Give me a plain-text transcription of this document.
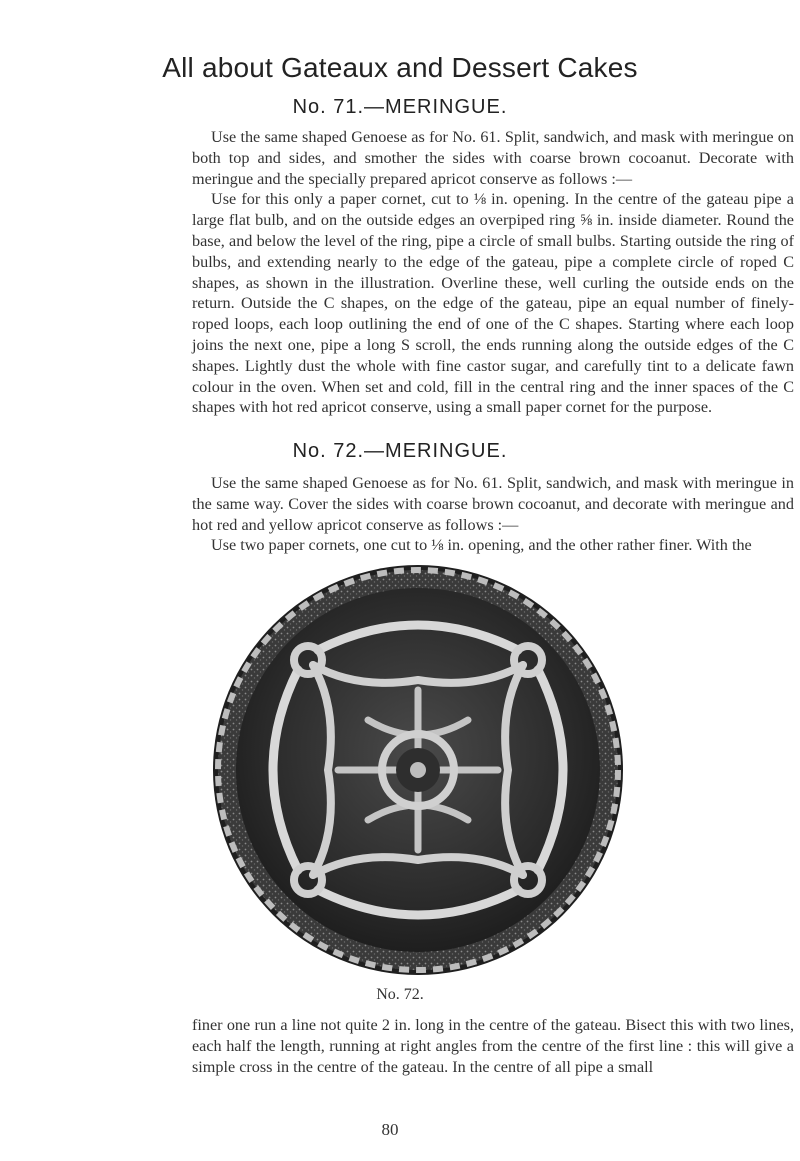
All about Gateaux and Dessert Cakes
No. 71.—MERINGUE.

Use the same shaped Genoese as for No. 61. Split, sandwich, and mask with meringue on both top and sides, and smother the sides with coarse brown cocoanut. Decorate with meringue and the specially prepared apricot conserve as follows :—

Use for this only a paper cornet, cut to ⅛ in. opening. In the centre of the gateau pipe a large flat bulb, and on the outside edges an overpiped ring ⅝ in. inside diameter. Round the base, and below the level of the ring, pipe a circle of small bulbs. Starting outside the ring of bulbs, and extending nearly to the edge of the gateau, pipe a complete circle of roped C shapes, as shown in the illustration. Overline these, well curling the outside ends on the return. Outside the C shapes, on the edge of the gateau, pipe an equal number of finely-roped loops, each loop outlining the end of one of the C shapes. Starting where each loop joins the next one, pipe a long S scroll, the ends running along the outside edges of the C shapes. Lightly dust the whole with fine castor sugar, and carefully tint to a delicate fawn colour in the oven. When set and cold, fill in the central ring and the inner spaces of the C shapes with hot red apricot conserve, using a small paper cornet for the purpose.

No. 72.—MERINGUE.

Use the same shaped Genoese as for No. 61. Split, sandwich, and mask with meringue in the same way. Cover the sides with coarse brown cocoanut, and decorate with meringue and hot red and yellow apricot conserve as follows :—

Use two paper cornets, one cut to ⅛ in. opening, and the other rather finer. With the

No. 72.

finer one run a line not quite 2 in. long in the centre of the gateau. Bisect this with two lines, each half the length, running at right angles from the centre of the first line : this will give a simple cross in the centre of the gateau. In the centre of all pipe a small

80
